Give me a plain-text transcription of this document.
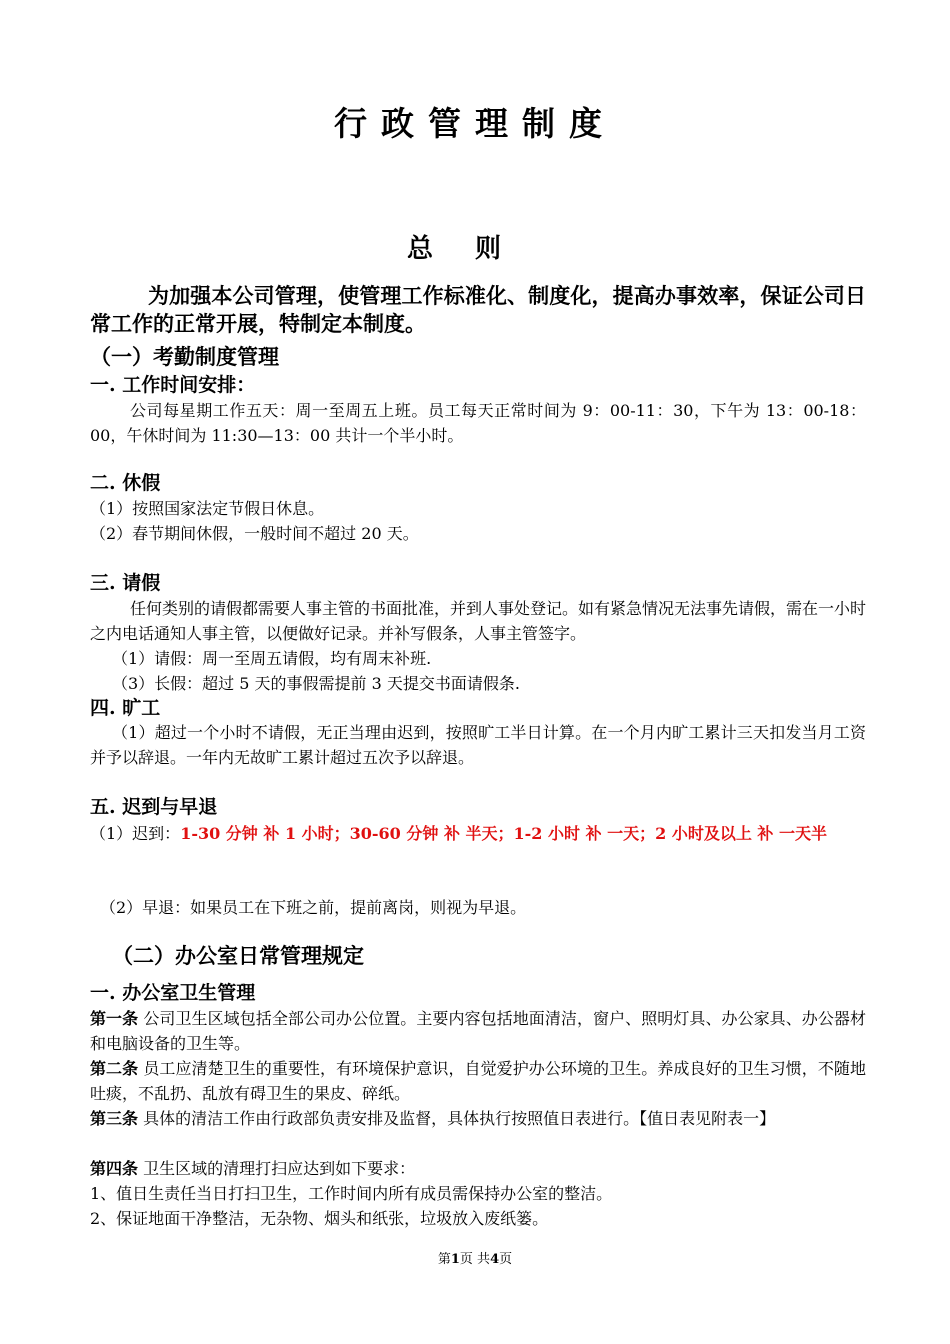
行政管理制度
总则
为加强本公司管理，使管理工作标准化、制度化，提高办事效率，保证公司日常工作的正常开展，特制定本制度。
（一）考勤制度管理
一. 工作时间安排：
公司每星期工作五天：周一至周五上班。员工每天正常时间为 9：00-11：30，下午为 13：00-18：00，午休时间为 11:30—13：00 共计一个半小时。
二. 休假
（1）按照国家法定节假日休息。
（2）春节期间休假，一般时间不超过 20 天。
三. 请假
任何类别的请假都需要人事主管的书面批准，并到人事处登记。如有紧急情况无法事先请假，需在一小时之内电话通知人事主管，以便做好记录。并补写假条，人事主管签字。
（1）请假：周一至周五请假，均有周末补班.
（3）长假：超过 5 天的事假需提前 3 天提交书面请假条.
四. 旷工
（1）超过一个小时不请假，无正当理由迟到，按照旷工半日计算。在一个月内旷工累计三天扣发当月工资并予以辞退。一年内无故旷工累计超过五次予以辞退。
五. 迟到与早退
（1）迟到：1-30 分钟 补 1 小时；30-60 分钟 补 半天；1-2 小时 补 一天；2 小时及以上 补 一天半
（2）早退：如果员工在下班之前，提前离岗，则视为早退。
（二）办公室日常管理规定
一. 办公室卫生管理
第一条 公司卫生区域包括全部公司办公位置。主要内容包括地面清洁，窗户、照明灯具、办公家具、办公器材和电脑设备的卫生等。
第二条 员工应清楚卫生的重要性，有环境保护意识，自觉爱护办公环境的卫生。养成良好的卫生习惯，不随地吐痰，不乱扔、乱放有碍卫生的果皮、碎纸。
第三条 具体的清洁工作由行政部负责安排及监督，具体执行按照值日表进行。【值日表见附表一】
第四条 卫生区域的清理打扫应达到如下要求：
1、值日生责任当日打扫卫生，工作时间内所有成员需保持办公室的整洁。
2、保证地面干净整洁，无杂物、烟头和纸张，垃圾放入废纸篓。
第1页 共4页
